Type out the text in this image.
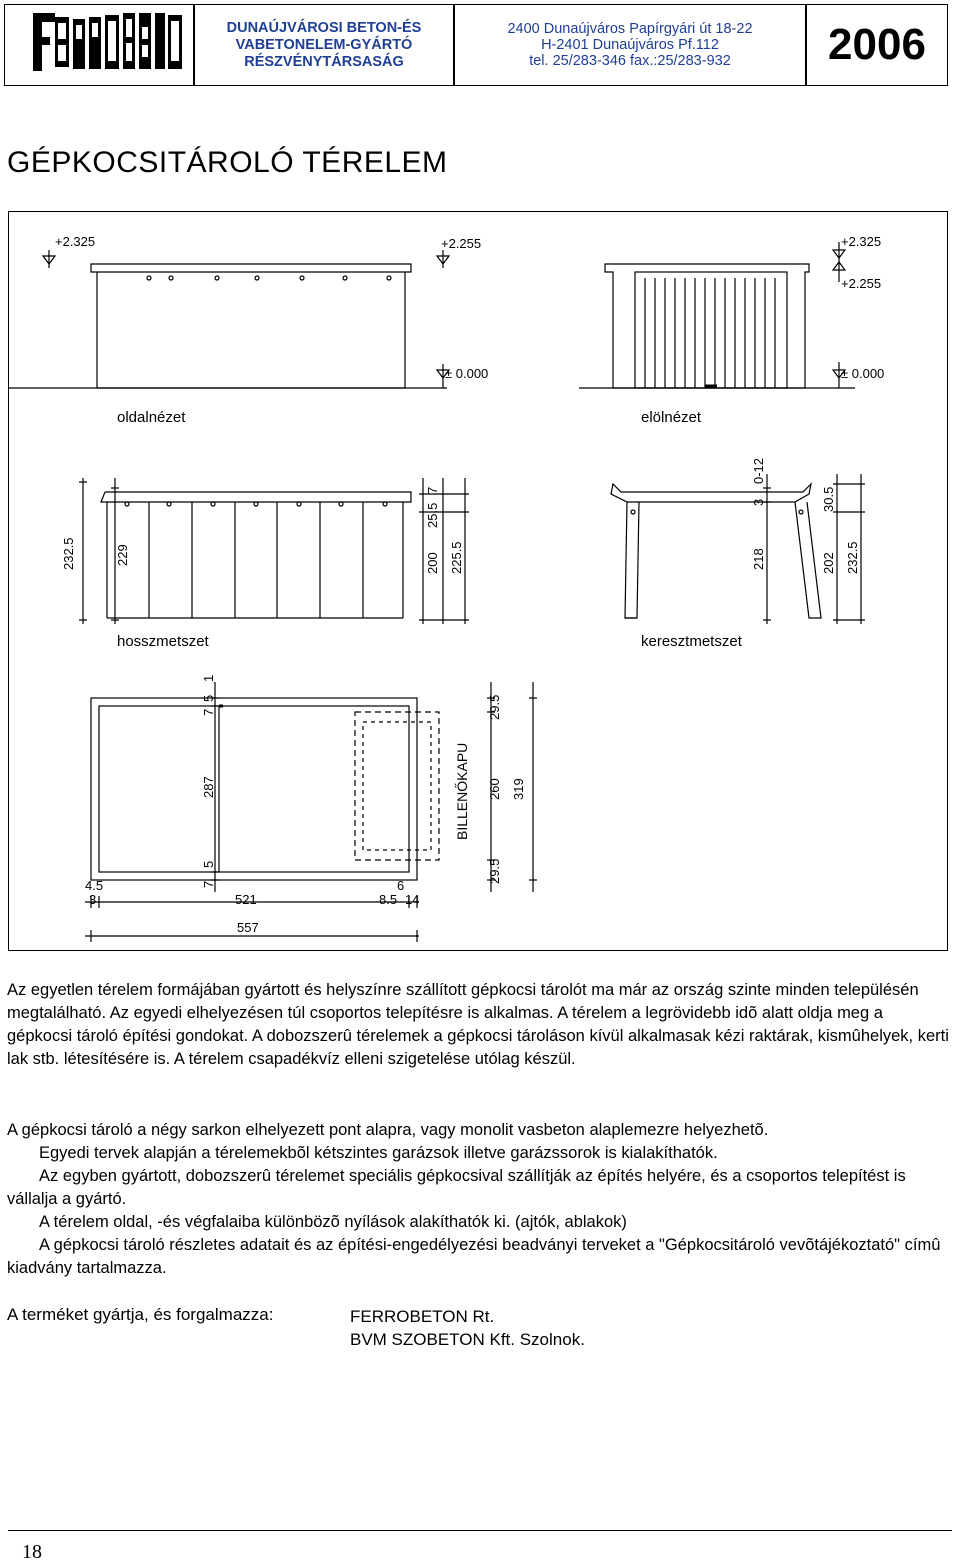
DUNAÚJVÁROSI BETON-ÉS
VABETONELEM-GYÁRTÓ
RÉSZVÉNYTÁRSASÁG
2400 Dunaújváros Papírgyári út 18-22
H-2401 Dunaújváros Pf.112
tel. 25/283-346 fax.:25/283-932 2006
GÉPKOCSITÁROLÓ TÉRELEM
+2.325	+2.255
± 0.000
oldalnézet
+2.325
+2.255
± 0.000
elölnézet
232.5	229
25.5
7
200 225.5
hosszmetszet
3
0-12
218
30.5
202 232.5
keresztmetszet
5
1
7
287
7
5
4.5
3	521
6
8.5 14
557
29.5
260 319
29.5
BILLENŐKAPU
Az egyetlen térelem formájában gyártott és helyszínre szállított gépkocsi tárolót ma már az ország szinte minden településén megtalálható. Az egyedi elhelyezésen túl csoportos telepítésre is alkalmas. A térelem a legrövidebb idõ alatt oldja meg a gépkocsi tároló építési gondokat. A dobozszerû térelemek a gépkocsi tároláson kívül alkalmasak kézi raktárak, kismûhelyek, kerti lak stb. létesítésére is. A térelem csapadékvíz elleni szigetelése utólag készül.
A gépkocsi tároló a négy sarkon elhelyezett pont alapra, vagy monolit vasbeton alaplemezre helyezhetõ.
Egyedi tervek alapján a térelemekbõl kétszintes garázsok illetve garázssorok is kialakíthatók.
Az egyben gyártott, dobozszerû térelemet speciális gépkocsival szállítják az építés helyére, és a csoportos telepítést is vállalja a gyártó.
A térelem oldal, -és végfalaiba különbözõ nyílások alakíthatók ki. (ajtók, ablakok)
A gépkocsi tároló részletes adatait és az építési-engedélyezési beadványi terveket a "Gépkocsitároló vevõtájékoztató" címû kiadvány tartalmazza.
A terméket gyártja, és forgalmazza:	FERROBETON Rt.
BVM SZOBETON Kft. Szolnok.
18
